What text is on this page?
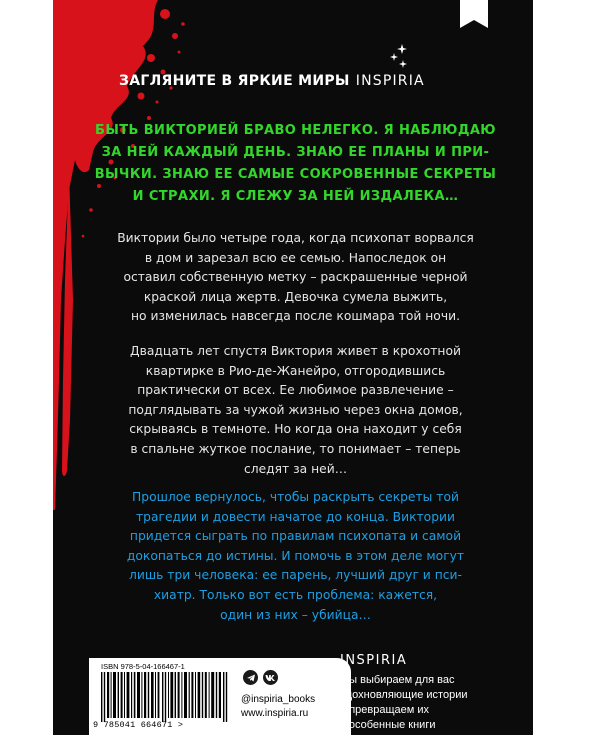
ЗАГЛЯНИТЕ В ЯРКИЕ МИРЫ INSPIRIA

БЫТЬ ВИКТОРИЕЙ БРАВО НЕЛЕГКО. Я НАБЛЮДАЮ

ЗА НЕЙ КАЖДЫЙ ДЕНЬ. ЗНАЮ ЕЕ ПЛАНЫ И ПРИ-

ВЫЧКИ. ЗНАЮ ЕЕ САМЫЕ СОКРОВЕННЫЕ СЕКРЕТЫ

И СТРАХИ. Я СЛЕЖУ ЗА НЕЙ ИЗДАЛЕКА…

Виктории было четыре года, когда психопат ворвался

в дом и зарезал всю ее семью. Напоследок он

оставил собственную метку – раскрашенные черной

краской лица жертв. Девочка сумела выжить,

но изменилась навсегда после кошмара той ночи.

Двадцать лет спустя Виктория живет в крохотной

квартирке в Рио-де-Жанейро, отгородившись

практически от всех. Ее любимое развлечение –

подглядывать за чужой жизнью через окна домов,

скрываясь в темноте. Но когда она находит у себя

в спальне жуткое послание, то понимает – теперь

следят за ней…

Прошлое вернулось, чтобы раскрыть секреты той

трагедии и довести начатое до конца. Виктории

придется сыграть по правилам психопата и самой

докопаться до истины. И помочь в этом деле могут

лишь три человека: ее парень, лучший друг и пси-

хиатр. Только вот есть проблема: кажется,

один из них – убийца…

ISBN 978-5-04-166467-1
9 785041 664671 >
@inspiria_books
www.inspiria.ru
INSPIRIA
Мы выбираем для вас
вдохновляющие истории
и превращаем их
в особенные книги
